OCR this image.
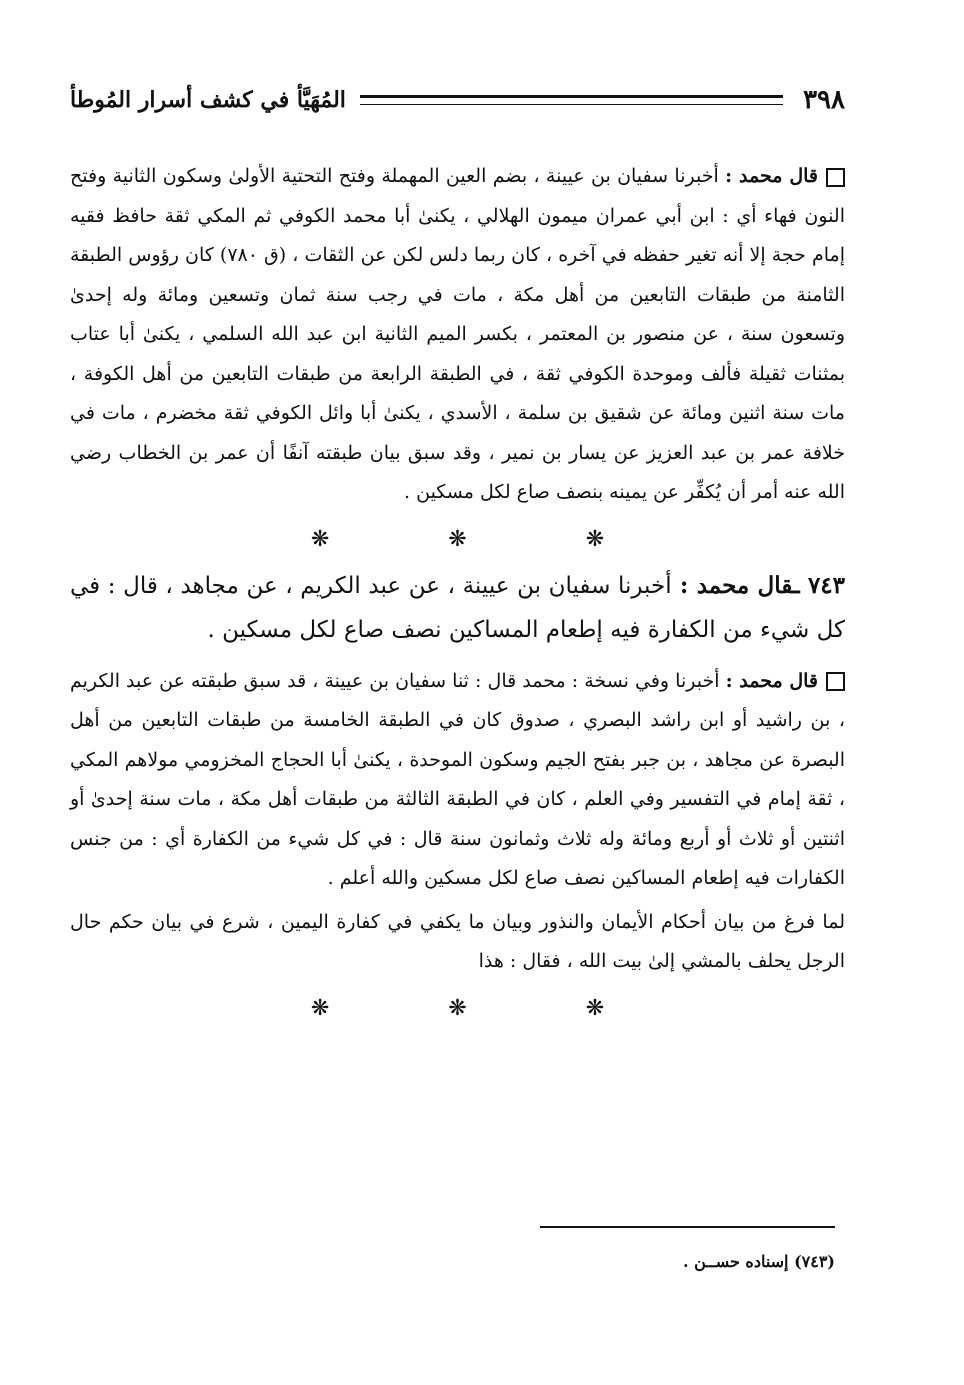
٣٩٨
المُهَيَّأ في كشف أسرار المُوطأ

قال محمد : أخبرنا سفيان بن عيينة ، بضم العين المهملة وفتح التحتية الأولىٰ وسكون الثانية وفتح النون فهاء أي : ابن أبي عمران ميمون الهلالي ، يكنىٰ أبا محمد الكوفي ثم المكي ثقة حافظ فقيه إمام حجة إلا أنه تغير حفظه في آخره ، كان ربما دلس لكن عن الثقات ، (ق ٧٨٠) كان رؤوس الطبقة الثامنة من طبقات التابعين من أهل مكة ، مات في رجب سنة ثمان وتسعين ومائة وله إحدىٰ وتسعون سنة ، عن منصور بن المعتمر ، بكسر الميم الثانية ابن عبد الله السلمي ، يكنىٰ أبا عتاب بمثنات ثقيلة فألف وموحدة الكوفي ثقة ، في الطبقة الرابعة من طبقات التابعين من أهل الكوفة ، مات سنة اثنين ومائة عن شقيق بن سلمة ، الأسدي ، يكنىٰ أبا وائل الكوفي ثقة مخضرم ، مات في خلافة عمر بن عبد العزيز عن يسار بن نمير ، وقد سبق بيان طبقته آنفًا أن عمر بن الخطاب رضي الله عنه أمر أن يُكفِّر عن يمينه بنصف صاع لكل مسكين .

❋ ❋ ❋

٧٤٣ ـقال محمد : أخبرنا سفيان بن عيينة ، عن عبد الكريم ، عن مجاهد ، قال : في كل شيء من الكفارة فيه إطعام المساكين نصف صاع لكل مسكين .

قال محمد : أخبرنا وفي نسخة : محمد قال : ثنا سفيان بن عيينة ، قد سبق طبقته عن عبد الكريم ، بن راشيد أو ابن راشد البصري ، صدوق كان في الطبقة الخامسة من طبقات التابعين من أهل البصرة عن مجاهد ، بن جبر بفتح الجيم وسكون الموحدة ، يكنىٰ أبا الحجاج المخزومي مولاهم المكي ، ثقة إمام في التفسير وفي العلم ، كان في الطبقة الثالثة من طبقات أهل مكة ، مات سنة إحدىٰ أو اثنتين أو ثلاث أو أربع ومائة وله ثلاث وثمانون سنة قال : في كل شيء من الكفارة أي : من جنس الكفارات فيه إطعام المساكين نصف صاع لكل مسكين والله أعلم .

لما فرغ من بيان أحكام الأيمان والنذور وبيان ما يكفي في كفارة اليمين ، شرع في بيان حكم حال الرجل يحلف بالمشي إلىٰ بيت الله ، فقال : هذا

❋ ❋ ❋
(٧٤٣) إسناده حســن .
